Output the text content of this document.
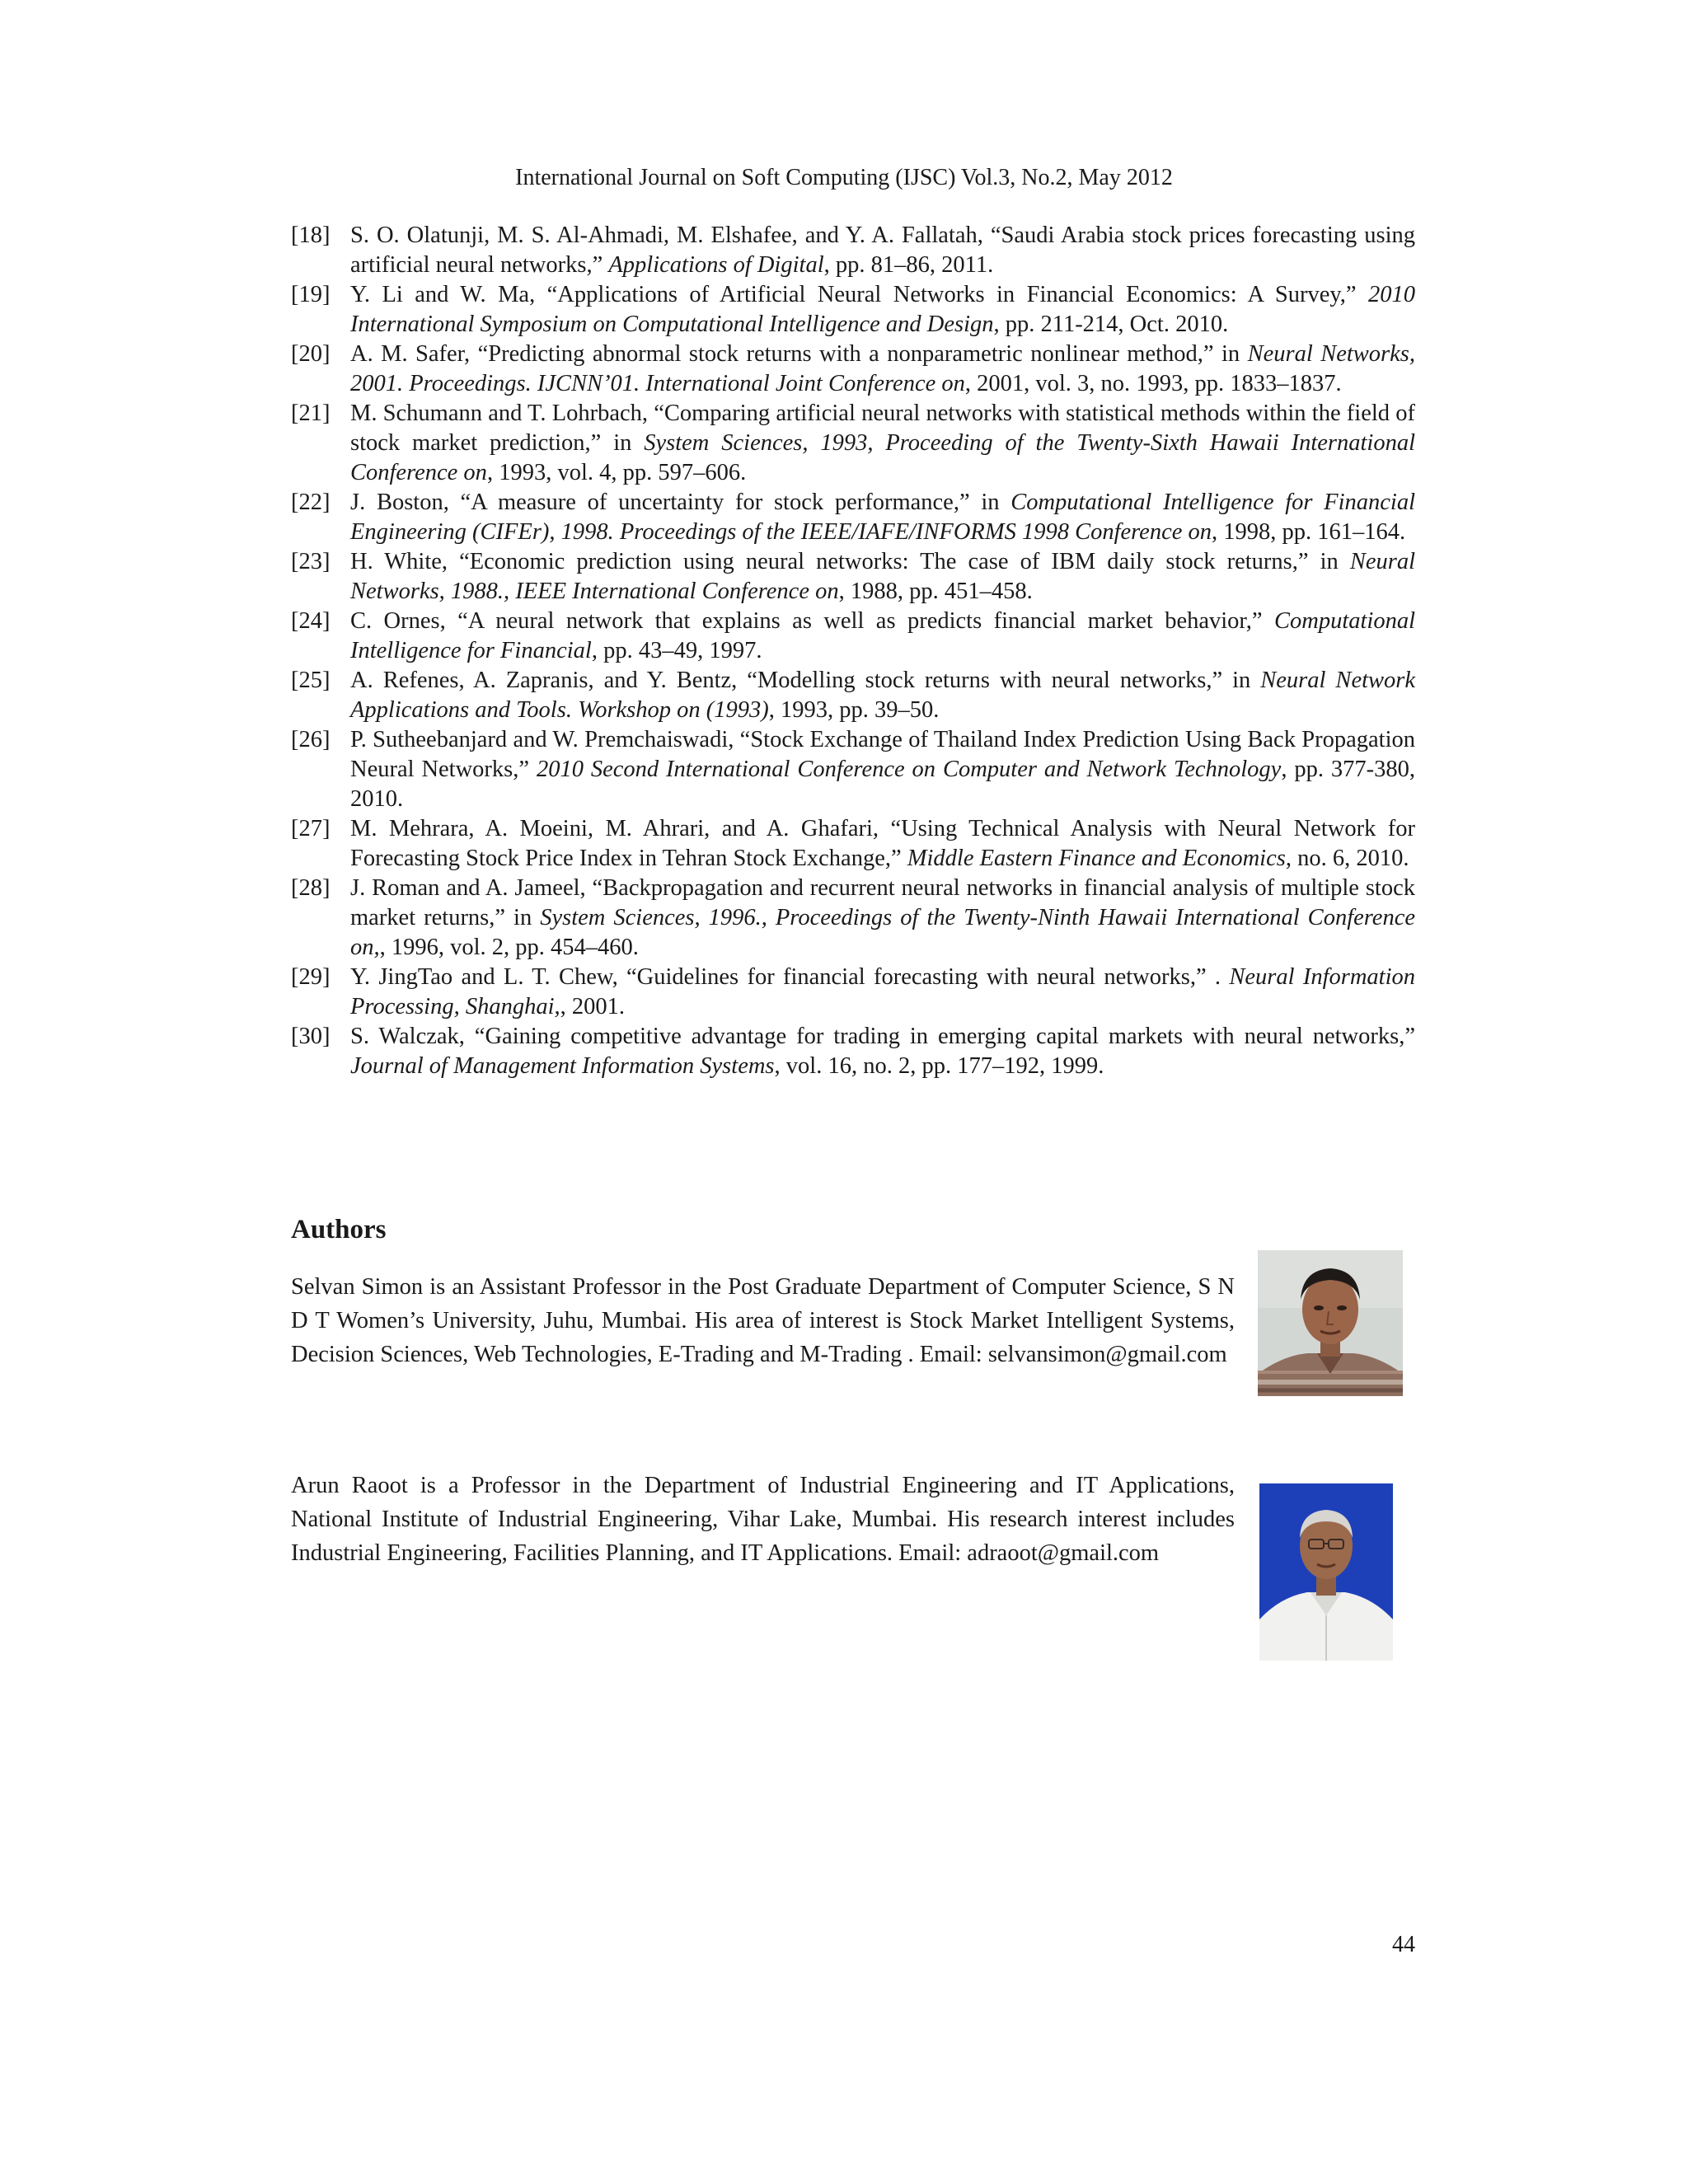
International Journal on Soft Computing (IJSC) Vol.3, No.2, May 2012
[18] S. O. Olatunji, M. S. Al-Ahmadi, M. Elshafee, and Y. A. Fallatah, “Saudi Arabia stock prices forecasting using artificial neural networks,” Applications of Digital, pp. 81–86, 2011.
[19] Y. Li and W. Ma, “Applications of Artificial Neural Networks in Financial Economics: A Survey,” 2010 International Symposium on Computational Intelligence and Design, pp. 211-214, Oct. 2010.
[20] A. M. Safer, “Predicting abnormal stock returns with a nonparametric nonlinear method,” in Neural Networks, 2001. Proceedings. IJCNN’01. International Joint Conference on, 2001, vol. 3, no. 1993, pp. 1833–1837.
[21] M. Schumann and T. Lohrbach, “Comparing artificial neural networks with statistical methods within the field of stock market prediction,” in System Sciences, 1993, Proceeding of the Twenty-Sixth Hawaii International Conference on, 1993, vol. 4, pp. 597–606.
[22] J. Boston, “A measure of uncertainty for stock performance,” in Computational Intelligence for Financial Engineering (CIFEr), 1998. Proceedings of the IEEE/IAFE/INFORMS 1998 Conference on, 1998, pp. 161–164.
[23] H. White, “Economic prediction using neural networks: The case of IBM daily stock returns,” in Neural Networks, 1988., IEEE International Conference on, 1988, pp. 451–458.
[24] C. Ornes, “A neural network that explains as well as predicts financial market behavior,” Computational Intelligence for Financial, pp. 43–49, 1997.
[25] A. Refenes, A. Zapranis, and Y. Bentz, “Modelling stock returns with neural networks,” in Neural Network Applications and Tools. Workshop on (1993), 1993, pp. 39–50.
[26] P. Sutheebanjard and W. Premchaiswadi, “Stock Exchange of Thailand Index Prediction Using Back Propagation Neural Networks,” 2010 Second International Conference on Computer and Network Technology, pp. 377-380, 2010.
[27] M. Mehrara, A. Moeini, M. Ahrari, and A. Ghafari, “Using Technical Analysis with Neural Network for Forecasting Stock Price Index in Tehran Stock Exchange,” Middle Eastern Finance and Economics, no. 6, 2010.
[28] J. Roman and A. Jameel, “Backpropagation and recurrent neural networks in financial analysis of multiple stock market returns,” in System Sciences, 1996., Proceedings of the Twenty-Ninth Hawaii International Conference on,, 1996, vol. 2, pp. 454–460.
[29] Y. JingTao and L. T. Chew, “Guidelines for financial forecasting with neural networks,” . Neural Information Processing, Shanghai,, 2001.
[30] S. Walczak, “Gaining competitive advantage for trading in emerging capital markets with neural networks,” Journal of Management Information Systems, vol. 16, no. 2, pp. 177–192, 1999.
Authors

Selvan Simon is an Assistant Professor in the Post Graduate Department of Computer Science, S N D T Women’s University, Juhu, Mumbai. His area of interest is Stock Market Intelligent Systems, Decision Sciences, Web Technologies, E-Trading and M-Trading . Email: selvansimon@gmail.com

Arun Raoot is a Professor in the Department of Industrial Engineering and IT Applications, National Institute of Industrial Engineering, Vihar Lake, Mumbai. His research interest includes Industrial Engineering, Facilities Planning, and IT Applications. Email: adraoot@gmail.com

44
